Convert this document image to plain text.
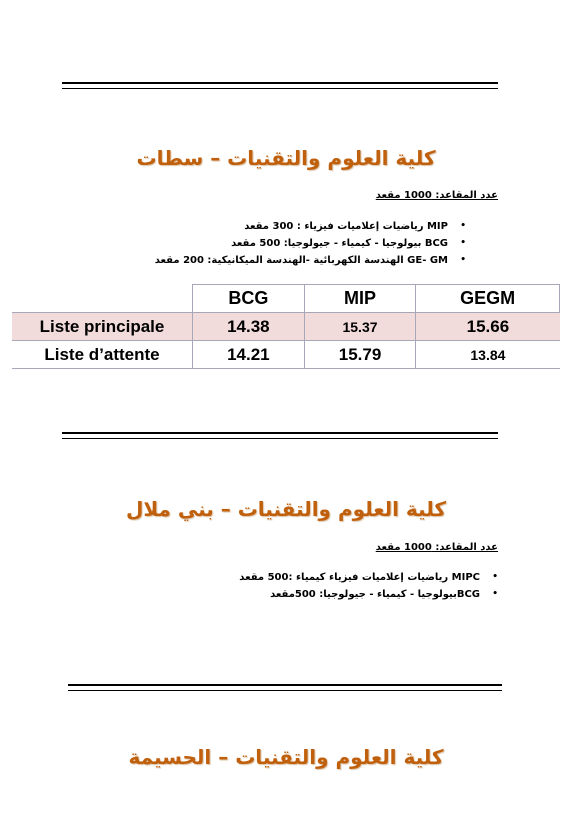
كلية العلوم والتقنيات – سطات
عدد المقاعد: 1000 مقعد
• MIP رياضيات إعلاميات فيزياء : 300 مقعد
• BCG بيولوجيا - كيمياء - جيولوجيا: 500 مقعد
• GE- GM الهندسة الكهربائية -الهندسة الميكانيكية: 200 مقعد
	BCG	MIP	GEGM
Liste principale	14.38	15.37	15.66
Liste d’attente	14.21	15.79	13.84
كلية العلوم والتقنيات – بني ملال
عدد المقاعد: 1000 مقعد
• MIPC رياضيات إعلاميات فيزياء كيمياء :500 مقعد
• BCGبيولوجيا - كيمياء - جيولوجيا: 500مقعد
كلية العلوم والتقنيات – الحسيمة
